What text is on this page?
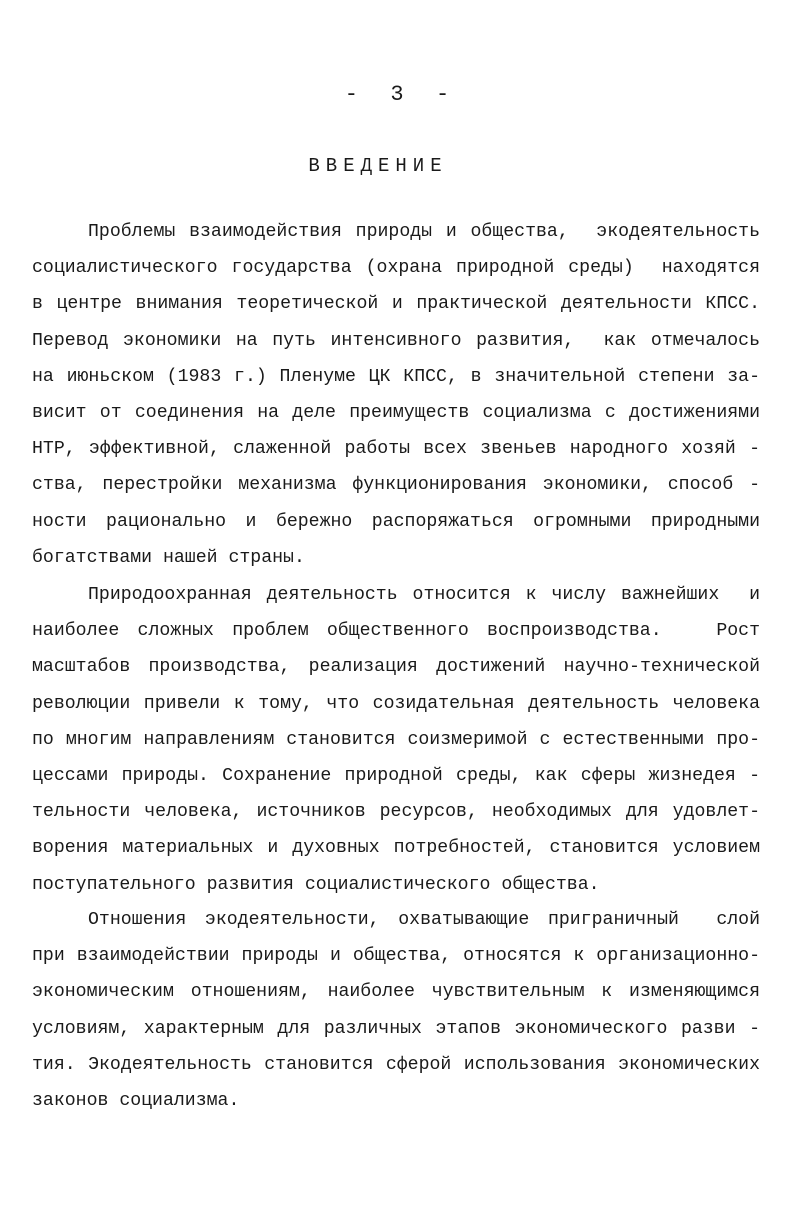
-  3  -
ВВЕДЕНИЕ
Проблемы взаимодействия природы и общества,  экодеятельность
социалистического государства (охрана природной среды)  находятся
в центре внимания теоретической и практической деятельности КПСС.
Перевод экономики на путь интенсивного развития,  как отмечалось
на июньском (1983 г.) Пленуме ЦК КПСС, в значительной степени за-
висит от соединения на деле преимуществ социализма с достижениями
НТР, эффективной, слаженной работы всех звеньев народного хозяй -
ства, перестройки механизма функционирования экономики, способ -
ности рационально и бережно распоряжаться огромными природными
богатствами нашей страны.
Природоохранная деятельность относится к числу важнейших  и
наиболее сложных проблем общественного воспроизводства.   Рост
масштабов производства, реализация достижений научно-технической
революции привели к тому, что созидательная деятельность человека
по многим направлениям становится соизмеримой с естественными про-
цессами природы. Сохранение природной среды, как сферы жизнедея -
тельности человека, источников ресурсов, необходимых для удовлет-
ворения материальных и духовных потребностей, становится условием
поступательного развития социалистического общества.
Отношения экодеятельности, охватывающие приграничный  слой
при взаимодействии природы и общества, относятся к организационно-
экономическим отношениям, наиболее чувствительным к изменяющимся
условиям, характерным для различных этапов экономического разви -
тия. Экодеятельность становится сферой использования экономических
законов социализма.
